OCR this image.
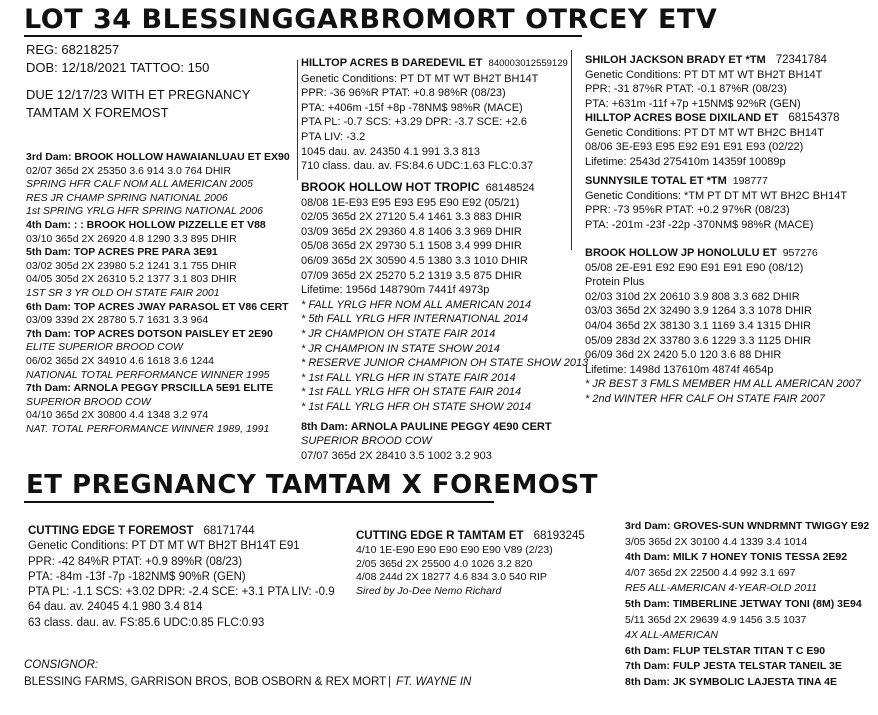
LOT 34 BLESSINGGARBROMORT OTRCEY ETV
REG: 68218257
DOB: 12/18/2021 TATTOO: 150
DUE 12/17/23 WITH ET PREGNANCY
TAMTAM X FOREMOST
3rd Dam: BROOK HOLLOW HAWAIANLUAU ET EX90
02/07 365d 2X 25350 3.6 914 3.0 764 DHIR
SPRING HFR CALF NOM ALL AMERICAN 2005
RES JR CHAMP SPRING NATIONAL 2006
1st SPRING YRLG HFR SPRING NATIONAL 2006
4th Dam: : : BROOK HOLLOW PIZZELLE ET V88
03/10 365d 2X 26920 4.8 1290 3.3 895 DHIR
5th Dam: TOP ACRES PRE PARA 3E91
03/02 305d 2X 23980 5.2 1241 3.1 755 DHIR
04/05 305d 2X 26310 5.2 1377 3.1 803 DHIR
1ST SR 3 YR OLD OH STATE FAIR 2001
6th Dam: TOP ACRES JWAY PARASOL ET V86 CERT
03/09 339d 2X 28780 5.7 1631 3.3 964
7th Dam: TOP ACRES DOTSON PAISLEY ET 2E90
ELITE SUPERIOR BROOD COW
06/02 365d 2X 34910 4.6 1618 3.6 1244
NATIONAL TOTAL PERFORMANCE WINNER 1995
7th Dam: ARNOLA PEGGY PRSCILLA 5E91 ELITE
SUPERIOR BROOD COW
04/10 365d 2X 30800 4.4 1348 3.2 974
NAT. TOTAL PERFORMANCE WINNER 1989, 1991
HILLTOP ACRES B DAREDEVIL ET 840003012559129
Genetic Conditions: PT DT MT WT BH2T BH14T
PPR: -36 96%R PTAT: +0.8 98%R (08/23)
PTA: +406m -15f +8p -78NM$ 98%R (MACE)
PTA PL: -0.7 SCS: +3.29 DPR: -3.7 SCE: +2.6
PTA LIV: -3.2
1045 dau. av. 24350 4.1 991 3.3 813
710 class. dau. av. FS:84.6 UDC:1.63 FLC:0.37
BROOK HOLLOW HOT TROPIC 68148524
08/08 1E-E93 E95 E93 E95 E90 E92 (05/21)
02/05 365d 2X 27120 5.4 1461 3.3 883 DHIR
03/09 365d 2X 29360 4.8 1406 3.3 969 DHIR
05/08 365d 2X 29730 5.1 1508 3.4 999 DHIR
06/09 365d 2X 30590 4.5 1380 3.3 1010 DHIR
07/09 365d 2X 25270 5.2 1319 3.5 875 DHIR
Lifetime: 1956d 148790m 7441f 4973p
* FALL YRLG HFR NOM ALL AMERICAN 2014
* 5th FALL YRLG HFR INTERNATIONAL 2014
* JR CHAMPION OH STATE FAIR 2014
* JR CHAMPION IN STATE SHOW 2014
* RESERVE JUNIOR CHAMPION OH STATE SHOW 2013
* 1st FALL YRLG HFR IN STATE FAIR 2014
* 1st FALL YRLG HFR OH STATE FAIR 2014
* 1st FALL YRLG HFR OH STATE SHOW 2014
8th Dam: ARNOLA PAULINE PEGGY 4E90 CERT
SUPERIOR BROOD COW
07/07 365d 2X 28410 3.5 1002 3.2 903
SHILOH JACKSON BRADY ET *TM 72341784
Genetic Conditions: PT DT MT WT BH2T BH14T
PPR: -31 87%R PTAT: -0.1 87%R (08/23)
PTA: +631m -11f +7p +15NM$ 92%R (GEN)
HILLTOP ACRES BOSE DIXILAND ET 68154378
Genetic Conditions: PT DT MT WT BH2C BH14T
08/06 3E-E93 E95 E92 E91 E91 E93 (02/22)
Lifetime: 2543d 275410m 14359f 10089p
SUNNYSILE TOTAL ET *TM 198777
Genetic Conditions: *TM PT DT MT WT BH2C BH14T
PPR: -73 95%R PTAT: +0.2 97%R (08/23)
PTA: -201m -23f -22p -370NM$ 98%R (MACE)
BROOK HOLLOW JP HONOLULU ET 957276
05/08 2E-E91 E92 E90 E91 E91 E90 (08/12)
Protein Plus
02/03 310d 2X 20610 3.9 808 3.3 682 DHIR
03/03 365d 2X 32490 3.9 1264 3.3 1078 DHIR
04/04 365d 2X 38130 3.1 1169 3.4 1315 DHIR
05/09 283d 2X 33780 3.6 1229 3.3 1125 DHIR
06/09 36d 2X 2420 5.0 120 3.6 88 DHIR
Lifetime: 1498d 137610m 4874f 4654p
* JR BEST 3 FMLS MEMBER HM ALL AMERICAN 2007
* 2nd WINTER HFR CALF OH STATE FAIR 2007
ET PREGNANCY TAMTAM X FOREMOST
CUTTING EDGE T FOREMOST 68171744
Genetic Conditions: PT DT MT WT BH2T BH14T E91
PPR: -42 84%R PTAT: +0.9 89%R (08/23)
PTA: -84m -13f -7p -182NM$ 90%R (GEN)
PTA PL: -1.1 SCS: +3.02 DPR: -2.4 SCE: +3.1 PTA LIV: -0.9
64 dau. av. 24045 4.1 980 3.4 814
63 class. dau. av. FS:85.6 UDC:0.85 FLC:0.93
CUTTING EDGE R TAMTAM ET 68193245
4/10 1E-E90 E90 E90 E90 E90 V89 (2/23)
2/05 365d 2X 25500 4.0 1026 3.2 820
4/08 244d 2X 18277 4.6 834 3.0 540 RIP
Sired by Jo-Dee Nemo Richard
3rd Dam: GROVES-SUN WNDRMNT TWIGGY E92
3/05 365d 2X 30100 4.4 1339 3.4 1014
4th Dam: MILK 7 HONEY TONIS TESSA 2E92
4/07 365d 2X 22500 4.4 992 3.1 697
RE5 ALL-AMERICAN 4-YEAR-OLD 2011
5th Dam: TIMBERLINE JETWAY TONI (8M) 3E94
5/11 365d 2X 29639 4.9 1456 3.5 1037
4X ALL-AMERICAN
6th Dam: FLUP TELSTAR TITAN T C E90
7th Dam: FULP JESTA TELSTAR TANEIL 3E
8th Dam: JK SYMBOLIC LAJESTA TINA 4E
CONSIGNOR:
BLESSING FARMS, GARRISON BROS, BOB OSBORN & REX MORT | FT. WAYNE IN
